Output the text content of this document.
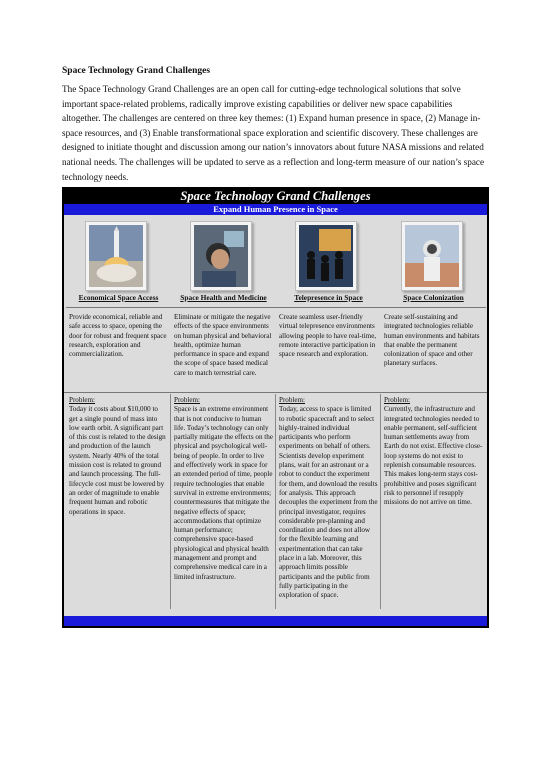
Space Technology Grand Challenges

The Space Technology Grand Challenges are an open call for cutting-edge technological solutions that solve important space-related problems, radically improve existing capabilities or deliver new space capabilities altogether. The challenges are centered on three key themes: (1) Expand human presence in space, (2) Manage in-space resources, and (3) Enable transformational space exploration and scientific discovery. These challenges are designed to initiate thought and discussion among our nation’s innovators about future NASA missions and related national needs. The challenges will be updated to serve as a reflection and long-term measure of our nation’s space technology needs.

Space Technology Grand Challenges
Expand Human Presence in Space
Economical Space Access
Provide economical, reliable and safe access to space, opening the door for robust and frequent space research, exploration and commercialization.
Space Health and Medicine
Eliminate or mitigate the negative effects of the space environments on human physical and behavioral health, optimize human performance in space and expand the scope of space based medical care to match terrestrial care.
Telepresence in Space
Create seamless user-friendly virtual telepresence environments allowing people to have real-time, remote interactive participation in space research and exploration.
Space Colonization
Create self-sustaining and integrated technologies reliable human environments and habitats that enable the permanent colonization of space and other planetary surfaces.
Problem:
Today it costs about $10,000 to get a single pound of mass into low earth orbit. A significant part of this cost is related to the design and production of the launch system. Nearly 40% of the total mission cost is related to ground and launch processing. The full-lifecycle cost must be lowered by an order of magnitude to enable frequent human and robotic operations in space.
Problem:
Space is an extreme environment that is not conducive to human life. Today’s technology can only partially mitigate the effects on the physical and psychological well-being of people. In order to live and effectively work in space for an extended period of time, people require technologies that enable survival in extreme environments; countermeasures that mitigate the negative effects of space; accommodations that optimize human performance; comprehensive space-based physiological and physical health management and prompt and comprehensive medical care in a limited infrastructure.
Problem:
Today, access to space is limited to robotic spacecraft and to select highly-trained individual participants who perform experiments on behalf of others. Scientists develop experiment plans, wait for an astronaut or a robot to conduct the experiment for them, and download the results for analysis. This approach decouples the experiment from the principal investigator, requires considerable pre-planning and coordination and does not allow for the flexible learning and experimentation that can take place in a lab. Moreover, this approach limits possible participants and the public from fully participating in the exploration of space.
Problem:
Currently, the infrastructure and integrated technologies needed to enable permanent, self-sufficient human settlements away from Earth do not exist. Effective close-loop systems do not exist to replenish consumable resources. This makes long-term stays cost-prohibitive and poses significant risk to personnel if resupply missions do not arrive on time.
